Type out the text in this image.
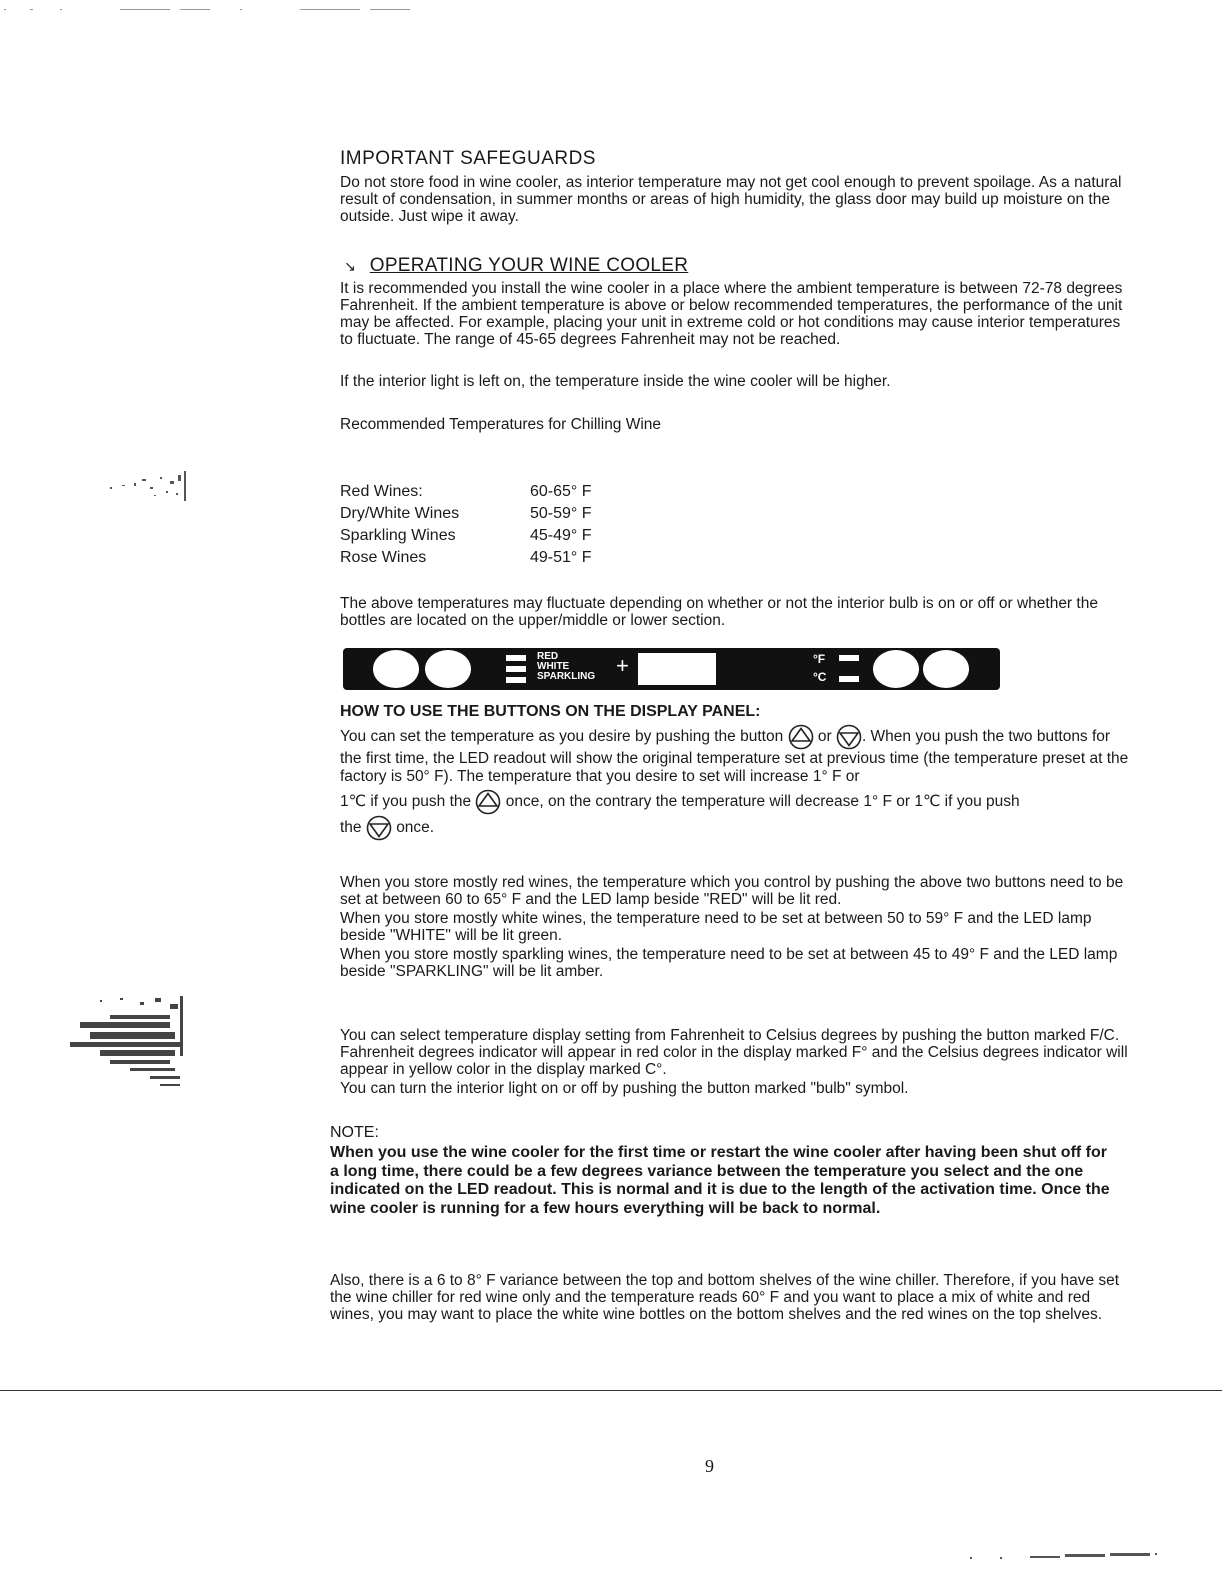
IMPORTANT SAFEGUARDS

Do not store food in wine cooler, as interior temperature may not get cool enough to prevent spoilage. As a natural result of condensation, in summer months or areas of high humidity, the glass door may build up moisture on the outside. Just wipe it away.

↘ OPERATING YOUR WINE COOLER

It is recommended you install the wine cooler in a place where the ambient temperature is between 72-78 degrees Fahrenheit. If the ambient temperature is above or below recommended temperatures, the performance of the unit may be affected. For example, placing your unit in extreme cold or hot conditions may cause interior temperatures to fluctuate. The range of 45-65 degrees Fahrenheit may not be reached.

If the interior light is left on, the temperature inside the wine cooler will be higher.

Recommended Temperatures for Chilling Wine

Red Wines:	60-65° F
Dry/White Wines	50-59° F
Sparkling Wines	45-49° F
Rose Wines	49-51° F

The above temperatures may fluctuate depending on whether or not the interior bulb is on or off or whether the bottles are located on the upper/middle or lower section.

RED
WHITE
SPARKLING +	°F
°C

HOW TO USE THE BUTTONS ON THE DISPLAY PANEL:

You can set the temperature as you desire by pushing the button or . When you push the two buttons for the first time, the LED readout will show the original temperature set at previous time (the temperature preset at the factory is 50° F). The temperature that you desire to set will increase 1° F or

1℃ if you push the once, on the contrary the temperature will decrease 1° F or 1℃ if you push

the once.

When you store mostly red wines, the temperature which you control by pushing the above two buttons need to be set at between 60 to 65° F and the LED lamp beside "RED" will be lit red.

When you store mostly white wines, the temperature need to be set at between 50 to 59° F and the LED lamp beside "WHITE" will be lit green.

When you store mostly sparkling wines, the temperature need to be set at between 45 to 49° F and the LED lamp beside "SPARKLING" will be lit amber.

You can select temperature display setting from Fahrenheit to Celsius degrees by pushing the button marked F/C. Fahrenheit degrees indicator will appear in red color in the display marked F° and the Celsius degrees indicator will appear in yellow color in the display marked C°.

You can turn the interior light on or off by pushing the button marked "bulb" symbol.

NOTE:

When you use the wine cooler for the first time or restart the wine cooler after having been shut off for a long time, there could be a few degrees variance between the temperature you select and the one indicated on the LED readout. This is normal and it is due to the length of the activation time. Once the wine cooler is running for a few hours everything will be back to normal.

Also, there is a 6 to 8° F variance between the top and bottom shelves of the wine chiller. Therefore, if you have set the wine chiller for red wine only and the temperature reads 60° F and you want to place a mix of white and red wines, you may want to place the white wine bottles on the bottom shelves and the red wines on the top shelves.

9
